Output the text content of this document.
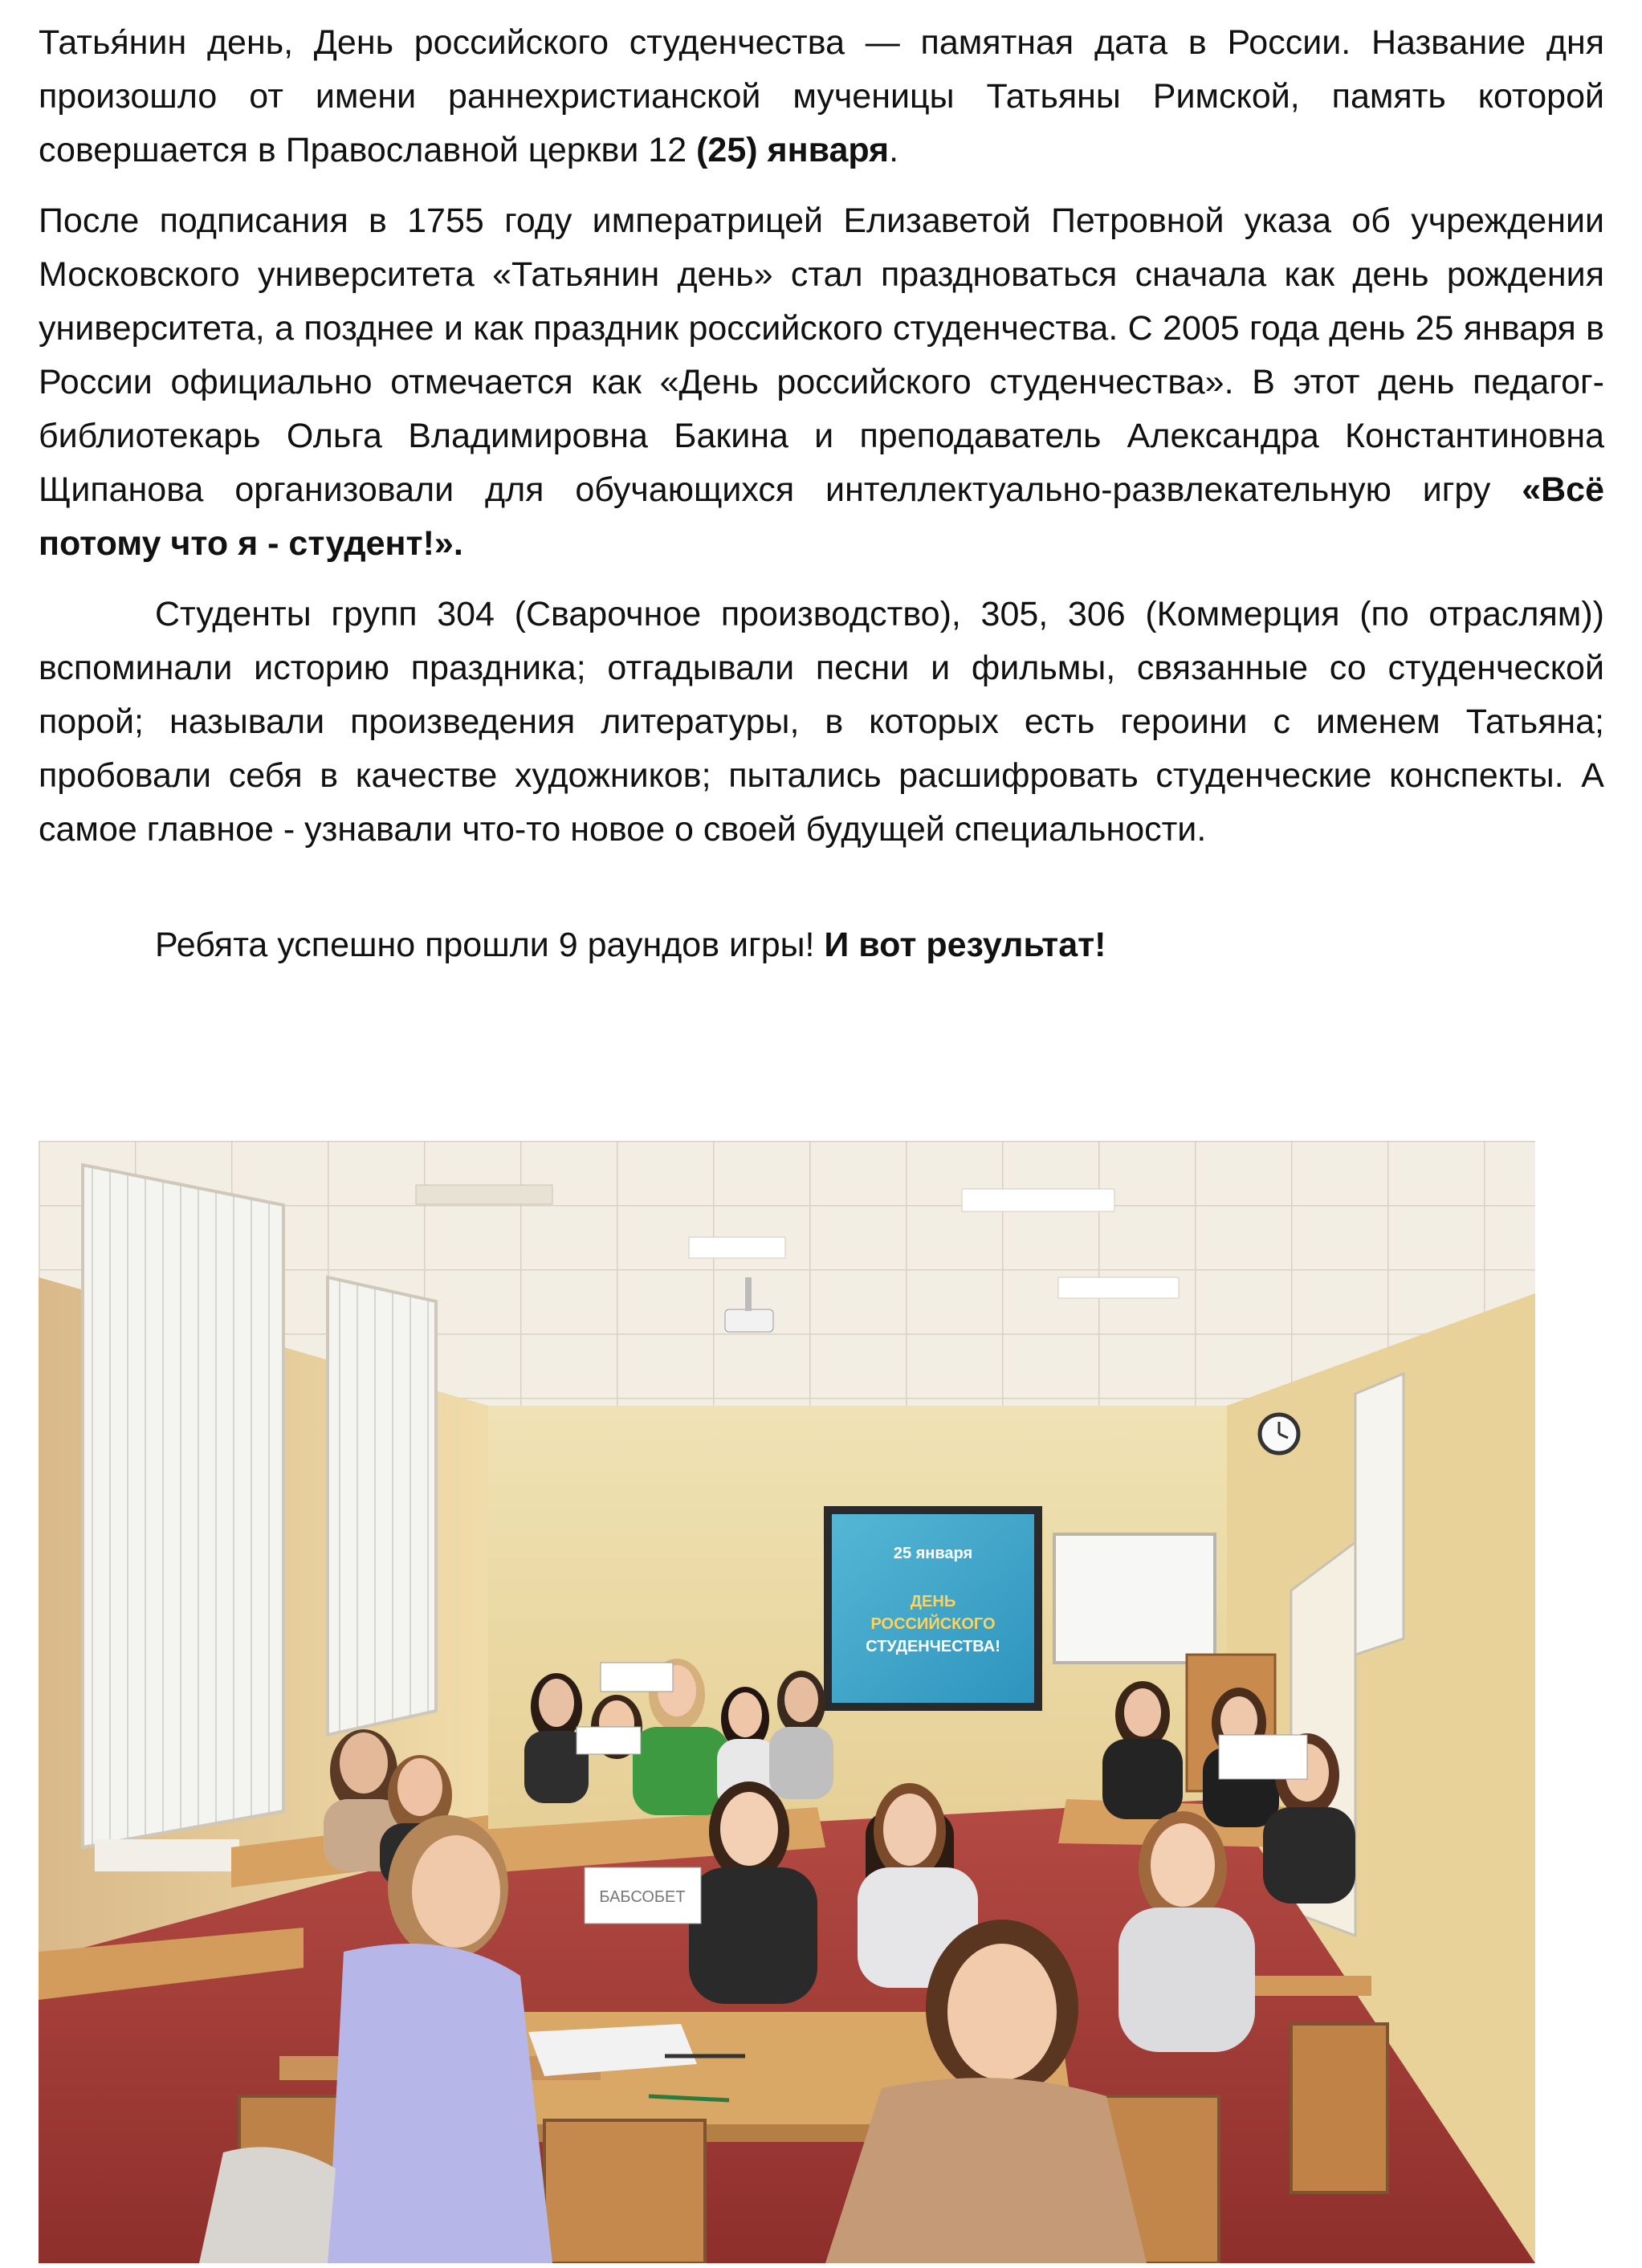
Татья́нин день, День российского студенчества — памятная дата в России. Название дня произошло от имени раннехристианской мученицы Татьяны Римской, память которой совершается в Православной церкви 12 (25) января.

После подписания в 1755 году императрицей Елизаветой Петровной указа об учреждении Московского университета «Татьянин день» стал праздноваться сначала как день рождения университета, а позднее и как праздник российского студенчества. С 2005 года день 25 января в России официально отмечается как «День российского студенчества». В этот день педагог-библиотекарь Ольга Владимировна Бакина и преподаватель Александра Константиновна Щипанова организовали для обучающихся интеллектуально-развлекательную игру «Всё потому что я - студент!».

Студенты групп 304 (Сварочное производство), 305, 306 (Коммерция (по отраслям)) вспоминали историю праздника; отгадывали песни и фильмы, связанные со студенческой порой; называли произведения литературы, в которых есть героини с именем Татьяна; пробовали себя в качестве художников; пытались расшифровать студенческие конспекты. А самое главное - узнавали что-то новое о своей будущей специальности.

Ребята успешно прошли 9 раундов игры! И вот результат!

25 января
ДЕНЬ
РОССИЙСКОГО
СТУДЕНЧЕСТВА!
БАБСОБЕТ
